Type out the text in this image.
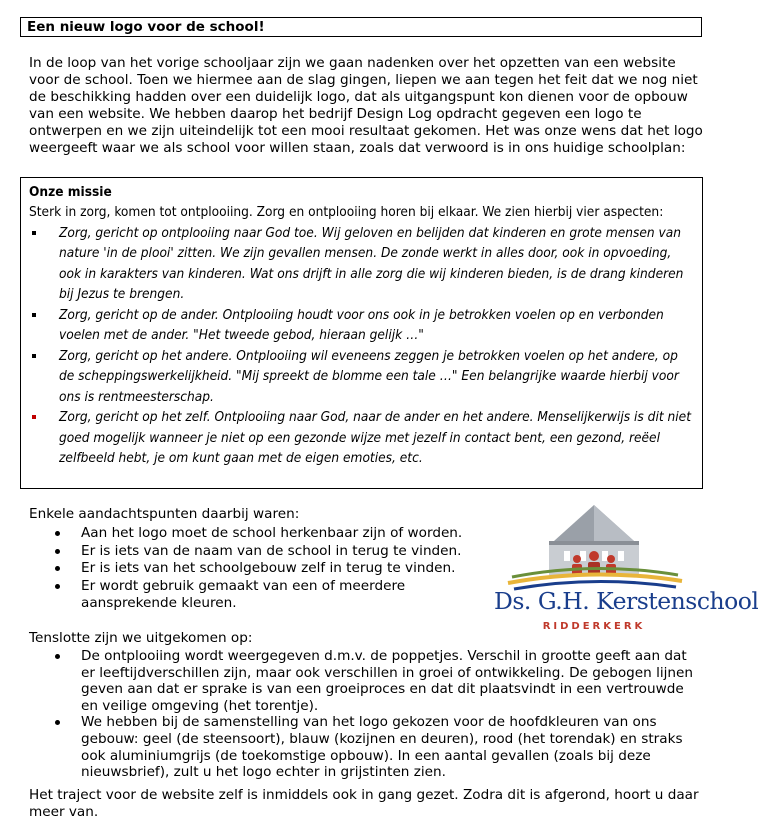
Een nieuw logo voor de school!

In de loop van het vorige schooljaar zijn we gaan nadenken over het opzetten van een website voor de school. Toen we hiermee aan de slag gingen, liepen we aan tegen het feit dat we nog niet de beschikking hadden over een duidelijk logo, dat als uitgangspunt kon dienen voor de opbouw van een website. We hebben daarop het bedrijf Design Log opdracht gegeven een logo te ontwerpen en we zijn uiteindelijk tot een mooi resultaat gekomen. Het was onze wens dat het logo weergeeft waar we als school voor willen staan, zoals dat verwoord is in ons huidige schoolplan:

Onze missie

Sterk in zorg, komen tot ontplooiing. Zorg en ontplooiing horen bij elkaar. We zien hierbij vier aspecten:

Zorg, gericht op ontplooiing naar God toe. Wij geloven en belijden dat kinderen en grote mensen van nature 'in de plooi' zitten. We zijn gevallen mensen. De zonde werkt in alles door, ook in opvoeding, ook in karakters van kinderen. Wat ons drijft in alle zorg die wij kinderen bieden, is de drang kinderen bij Jezus te brengen.
Zorg, gericht op de ander. Ontplooiing houdt voor ons ook in je betrokken voelen op en verbonden voelen met de ander. "Het tweede gebod, hieraan gelijk …"
Zorg, gericht op het andere. Ontplooiing wil eveneens zeggen je betrokken voelen op het andere, op de scheppingswerkelijkheid. "Mij spreekt de blomme een tale …" Een belangrijke waarde hierbij voor ons is rentmeesterschap.
Zorg, gericht op het zelf. Ontplooiing naar God, naar de ander en het andere. Menselijkerwijs is dit niet goed mogelijk wanneer je niet op een gezonde wijze met jezelf in contact bent, een gezond, reëel zelfbeeld hebt, je om kunt gaan met de eigen emoties, etc.
Enkele aandachtspunten daarbij waren:
Aan het logo moet de school herkenbaar zijn of worden.
Er is iets van de naam van de school in terug te vinden.
Er is iets van het schoolgebouw zelf in terug te vinden.
Er wordt gebruik gemaakt van een of meerdere aansprekende kleuren.	Ds. G.H. Kerstenschool
RIDDERKERK
Tenslotte zijn we uitgekomen op:
De ontplooiing wordt weergegeven d.m.v. de poppetjes. Verschil in grootte geeft aan dat er leeftijdverschillen zijn, maar ook verschillen in groei of ontwikkeling. De gebogen lijnen geven aan dat er sprake is van een groeiproces en dat dit plaatsvindt in een vertrouwde en veilige omgeving (het torentje).
We hebben bij de samenstelling van het logo gekozen voor de hoofdkleuren van ons gebouw: geel (de steensoort), blauw (kozijnen en deuren), rood (het torendak) en straks ook aluminiumgrijs (de toekomstige opbouw). In een aantal gevallen (zoals bij deze nieuwsbrief), zult u het logo echter in grijstinten zien.

Het traject voor de website zelf is inmiddels ook in gang gezet. Zodra dit is afgerond, hoort u daar meer van.
